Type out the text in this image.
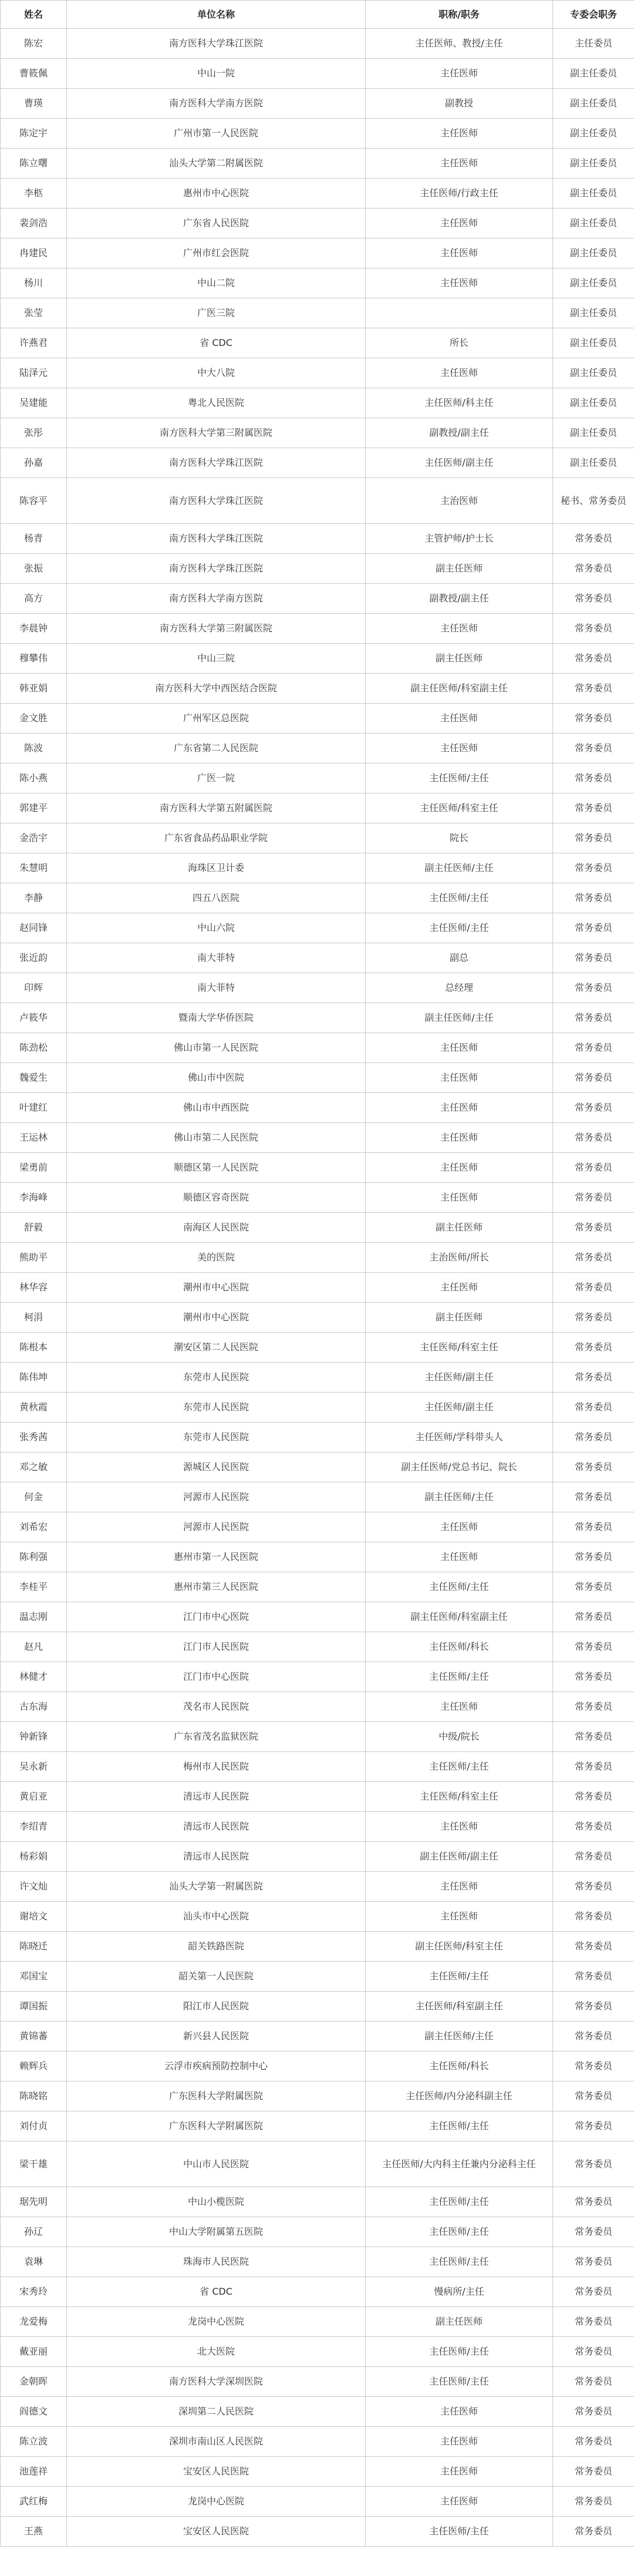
姓名	单位名称	职称/职务	专委会职务
陈宏	南方医科大学珠江医院	主任医师、教授/主任	主任委员
曹筱佩	中山一院	主任医师	副主任委员
曹瑛	南方医科大学南方医院	副教授	副主任委员
陈定宇	广州市第一人民医院	主任医师	副主任委员
陈立曙	汕头大学第二附属医院	主任医师	副主任委员
李柩	惠州市中心医院	主任医师/行政主任	副主任委员
裴剑浩	广东省人民医院	主任医师	副主任委员
冉建民	广州市红会医院	主任医师	副主任委员
杨川	中山二院	主任医师	副主任委员
张莹	广医三院		副主任委员
许燕君	省 CDC	所长	副主任委员
陆泽元	中大八院	主任医师	副主任委员
吴建能	粤北人民医院	主任医师/科主任	副主任委员
张彤	南方医科大学第三附属医院	副教授/副主任	副主任委员
孙嘉	南方医科大学珠江医院	主任医师/副主任	副主任委员
陈容平	南方医科大学珠江医院	主治医师	秘书、常务委员
杨青	南方医科大学珠江医院	主管护师/护士长	常务委员
张振	南方医科大学珠江医院	副主任医师	常务委员
高方	南方医科大学南方医院	副教授/副主任	常务委员
李晨钟	南方医科大学第三附属医院	主任医师	常务委员
穆攀伟	中山三院	副主任医师	常务委员
韩亚娟	南方医科大学中西医结合医院	副主任医师/科室副主任	常务委员
金文胜	广州军区总医院	主任医师	常务委员
陈波	广东省第二人民医院	主任医师	常务委员
陈小燕	广医一院	主任医师/主任	常务委员
郭建平	南方医科大学第五附属医院	主任医师/科室主任	常务委员
金浩宇	广东省食品药品职业学院	院长	常务委员
朱慧明	海珠区卫计委	副主任医师/主任	常务委员
李静	四五八医院	主任医师/主任	常务委员
赵同锋	中山六院	主任医师/主任	常务委员
张近韵	南大菲特	副总	常务委员
印辉	南大菲特	总经理	常务委员
卢筱华	暨南大学华侨医院	副主任医师/主任	常务委员
陈劲松	佛山市第一人民医院	主任医师	常务委员
魏爱生	佛山市中医院	主任医师	常务委员
叶建红	佛山市中西医院	主任医师	常务委员
王运林	佛山市第二人民医院	主任医师	常务委员
梁勇前	顺德区第一人民医院	主任医师	常务委员
李海峰	顺德区容奇医院	主任医师	常务委员
舒毅	南海区人民医院	副主任医师	常务委员
熊助平	美的医院	主治医师/所长	常务委员
林华容	潮州市中心医院	主任医师	常务委员
柯涓	潮州市中心医院	副主任医师	常务委员
陈根本	潮安区第二人民医院	主任医师/科室主任	常务委员
陈伟坤	东莞市人民医院	主任医师/副主任	常务委员
黄秋霞	东莞市人民医院	主任医师/副主任	常务委员
张秀茜	东莞市人民医院	主任医师/学科带头人	常务委员
邓之敏	源城区人民医院	副主任医师/党总书记、院长	常务委员
何金	河源市人民医院	副主任医师/主任	常务委员
刘希宏	河源市人民医院	主任医师	常务委员
陈利强	惠州市第一人民医院	主任医师	常务委员
李桂平	惠州市第三人民医院	主任医师/主任	常务委员
温志刚	江门市中心医院	副主任医师/科室副主任	常务委员
赵凡	江门市人民医院	主任医师/科长	常务委员
林健才	江门市中心医院	主任医师/主任	常务委员
古东海	茂名市人民医院	主任医师	常务委员
钟新锋	广东省茂名监狱医院	中级/院长	常务委员
吴永新	梅州市人民医院	主任医师/主任	常务委员
黄启亚	清远市人民医院	主任医师/科室主任	常务委员
李绍青	清远市人民医院	主任医师	常务委员
杨彩娟	清远市人民医院	副主任医师/副主任	常务委员
许文灿	汕头大学第一附属医院	主任医师	常务委员
谢培文	汕头市中心医院	主任医师	常务委员
陈晓迁	韶关铁路医院	副主任医师/科室主任	常务委员
邓国宝	韶关第一人民医院	主任医师/主任	常务委员
谭国振	阳江市人民医院	主任医师/科室副主任	常务委员
黄锦蕃	新兴县人民医院	副主任医师/主任	常务委员
赖辉兵	云浮市疾病预防控制中心	主任医师/科长	常务委员
陈晓铭	广东医科大学附属医院	主任医师/内分泌科副主任	常务委员
刘付贞	广东医科大学附属医院	主任医师/主任	常务委员
梁干雄	中山市人民医院	主任医师/大内科主任兼内分泌科主任	常务委员
琚先明	中山小榄医院	主任医师/主任	常务委员
孙辽	中山大学附属第五医院	主任医师/主任	常务委员
袁琳	珠海市人民医院	主任医师/主任	常务委员
宋秀玲	省 CDC	慢病所/主任	常务委员
龙爱梅	龙岗中心医院	副主任医师	常务委员
戴亚丽	北大医院	主任医师/主任	常务委员
金朝晖	南方医科大学深圳医院	主任医师/主任	常务委员
阎德文	深圳第二人民医院	主任医师	常务委员
陈立波	深圳市南山区人民医院	主任医师	常务委员
池莲祥	宝安区人民医院	主任医师	常务委员
武红梅	龙岗中心医院	主任医师	常务委员
王燕	宝安区人民医院	主任医师/主任	常务委员
